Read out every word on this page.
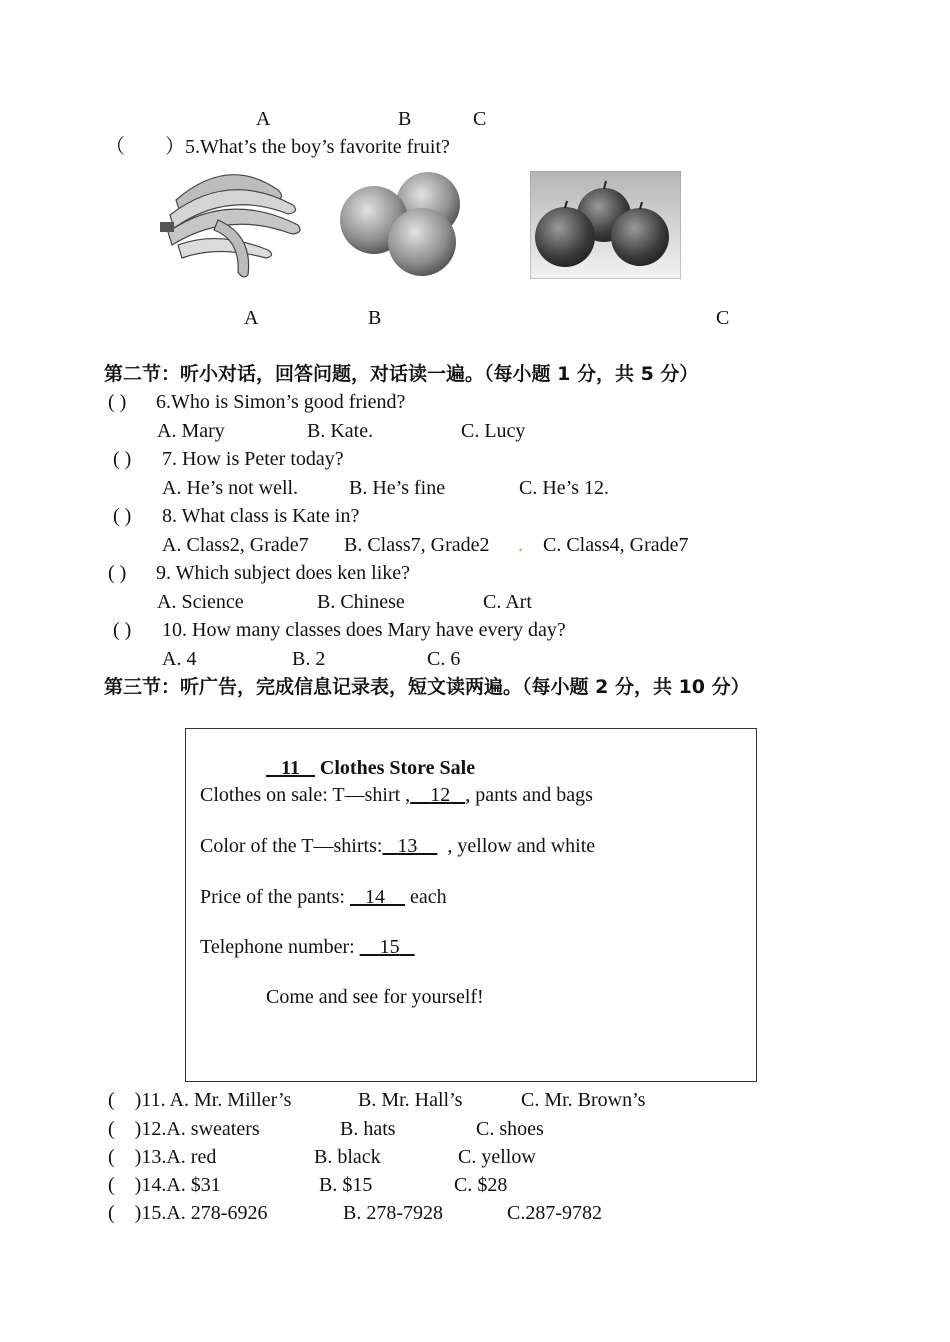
A	B	C
（　　） 5.What’s the boy’s favorite fruit?
A	B	C
第二节：听小对话，回答问题，对话读一遍。（每小题 1 分，共 5 分）
( ) 6.Who is Simon’s good friend?
A. Mary	B. Kate.	C. Lucy
( ) 7. How is Peter today?
A. He’s not well.	B. He’s fine	C. He’s 12.
( ) 8. What class is Kate in?
A. Class2, Grade7 B. Class7, Grade2 . C. Class4, Grade7
( ) 9. Which subject does ken like?
A. Science	B. Chinese	C. Art
( ) 10. How many classes does Mary have every day?
A. 4	B. 2	C. 6
第三节：听广告，完成信息记录表，短文读两遍。（每小题 2 分，共 10 分）
11 Clothes Store Sale
Clothes on sale: T—shirt , 12 , pants and bags
Color of the T—shirts: 13 , yellow and white
Price of the pants: 14 each
Telephone number: 15
Come and see for yourself!
( )11. A. Mr. Miller’s	B. Mr. Hall’s	C. Mr. Brown’s
( )12.A. sweaters	B. hats	C. shoes
( )13.A. red	B. black	C. yellow
( )14.A. $31	B. $15	C. $28
( )15.A. 278-6926	B. 278-7928	C.287-9782
